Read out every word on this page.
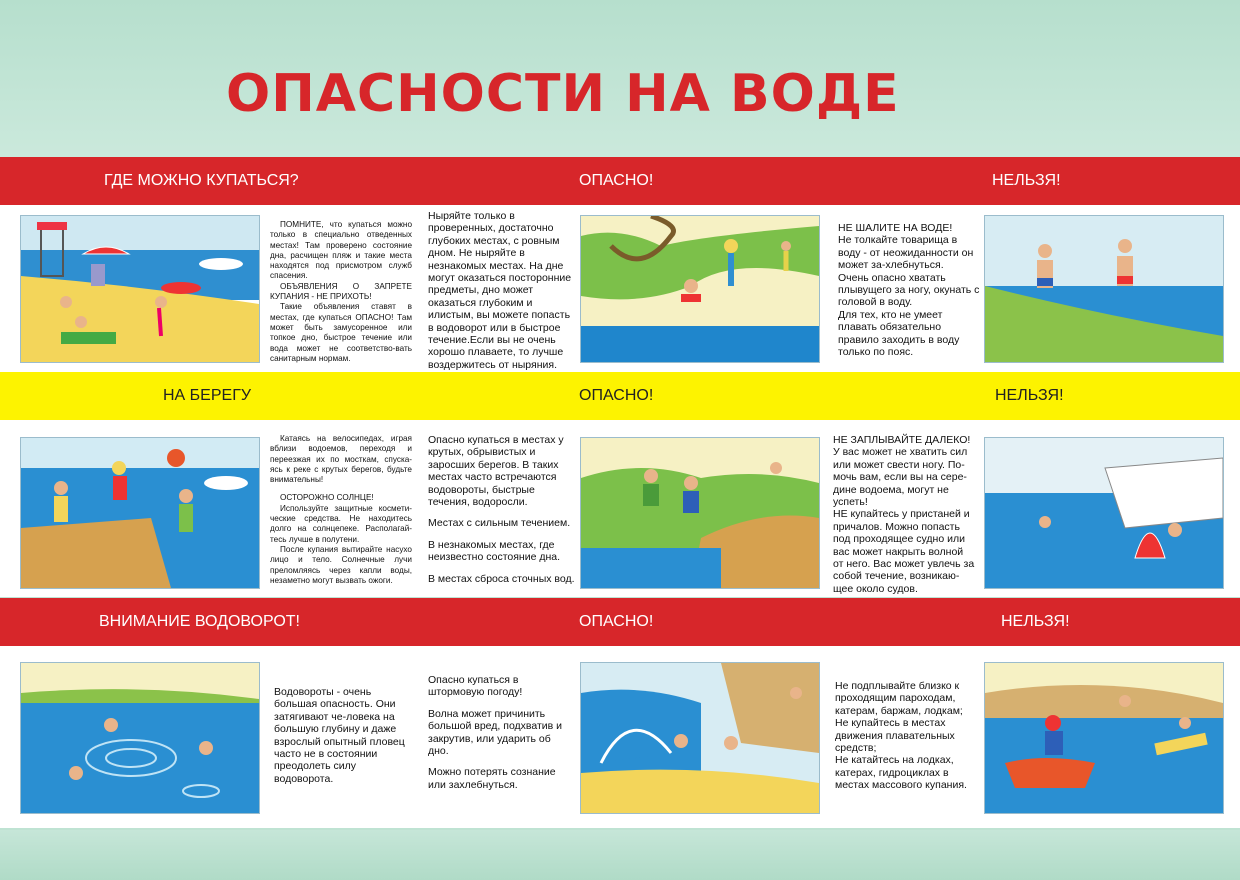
ОПАСНОСТИ НА ВОДЕ
ГДЕ МОЖНО КУПАТЬСЯ?	ОПАСНО!	НЕЛЬЗЯ!

ПОМНИТЕ, что купаться можно только в специально отведенных местах! Там проверено состояние дна, расчищен пляж и такие места находятся под присмотром служб спасения.

ОБЪЯВЛЕНИЯ О ЗАПРЕТЕ КУПАНИЯ - НЕ ПРИХОТЬ!

Такие объявления ставят в местах, где купаться ОПАСНО! Там может быть замусоренное или топкое дно, быстрое течение или вода может не соответство-вать санитарным нормам.

Ныряйте только в проверенных, достаточно глубоких местах, с ровным дном. Не ныряйте в незнакомых местах. На дне могут оказаться посторонние предметы, дно может оказаться глубоким и илистым, вы можете попасть в водоворот или в быстрое течение.Если вы не очень хорошо плаваете, то лучше воздержитесь от ныряния.

НЕ ШАЛИТЕ НА ВОДЕ!

Не толкайте товарища в воду - от неожиданности он может за-хлебнуться.

Очень опасно хватать плывущего за ногу, окунать с головой в воду.

Для тех, кто не умеет плавать обязательно правило заходить в воду только по пояс.

НА БЕРЕГУ	ОПАСНО!	НЕЛЬЗЯ!

Катаясь на велосипедах, играя вблизи водоемов, переходя и переезжая их по мосткам, спуска-ясь к реке с крутых берегов, будьте внимательны!

ОСТОРОЖНО СОЛНЦЕ!

Используйте защитные космети-ческие средства. Не находитесь долго на солнцепеке. Располагай-тесь лучше в полутени.

После купания вытирайте насухо лицо и тело. Солнечные лучи преломляясь через капли воды, незаметно могут вызвать ожоги.

Опасно купаться в местах у крутых, обрывистых и заросших берегов. В таких местах часто встречаются водовороты, быстрые течения, водоросли.

Местах с сильным течением.

В незнакомых местах, где неизвестно состояние дна.

В местах сброса сточных вод.

НЕ ЗАПЛЫВАЙТЕ ДАЛЕКО!

У вас может не хватить сил или может свести ногу. По-мочь вам, если вы на сере-дине водоема, могут не успеть!

НЕ купайтесь у пристаней и причалов. Можно попасть под проходящее судно или вас может накрыть волной от него. Вас может увлечь за собой течение, возникаю-щее около судов.

ВНИМАНИЕ ВОДОВОРОТ!	ОПАСНО!	НЕЛЬЗЯ!

Водовороты - очень большая опасность. Они затягивают че-ловека на большую глубину и даже взрослый опытный пловец часто не в состоянии преодолеть силу водоворота.

Опасно купаться в штормовую погоду!

Волна может причинить большой вред, подхватив и закрутив, или ударить об дно.

Можно потерять сознание или захлебнуться.

Не подплывайте близко к проходящим пароходам, катерам, баржам, лодкам;

Не купайтесь в местах движения плавательных средств;

Не катайтесь на лодках, катерах, гидроциклах в местах массового купания.
